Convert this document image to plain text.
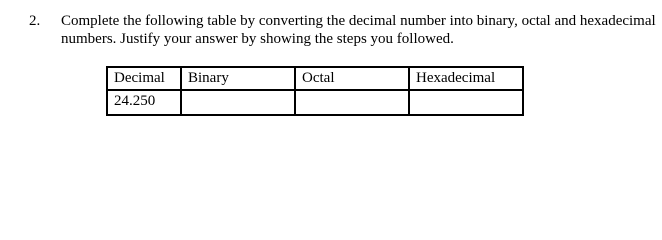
2. Complete the following table by converting the decimal number into binary, octal and hexadecimal
numbers. Justify your answer by showing the steps you followed.
Decimal	Binary	Octal	Hexadecimal
24.250			
